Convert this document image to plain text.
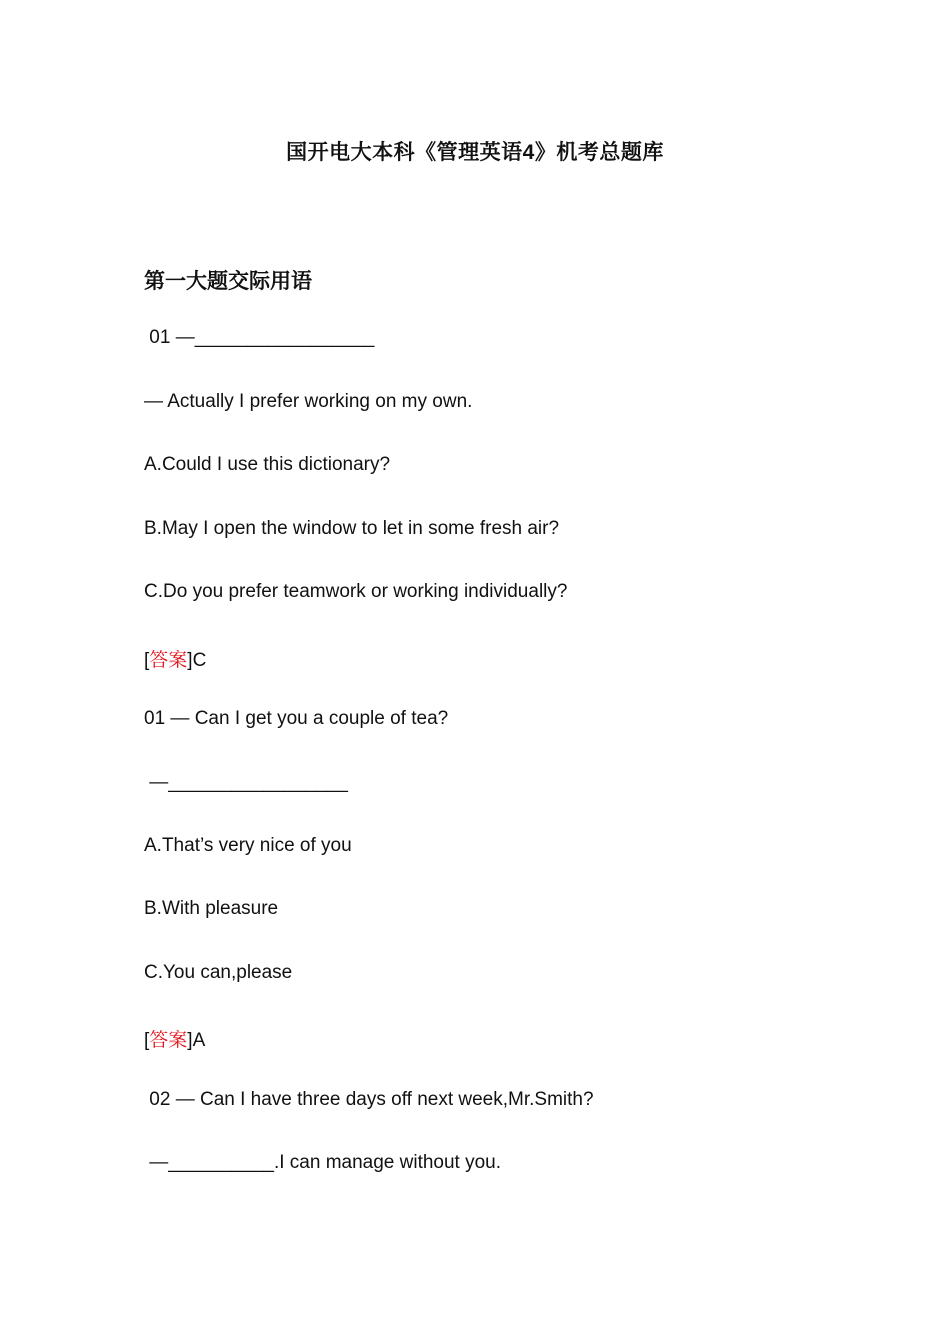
国开电大本科《管理英语4》机考总题库
第一大题交际用语
01 —_________________
— Actually I prefer working on my own.
A.Could I use this dictionary?
B.May I open the window to let in some fresh air?
C.Do you prefer teamwork or working individually?
[答案]C
01 — Can I get you a couple of tea?
—_________________
A.That’s very nice of you
B.With pleasure
C.You can,please
[答案]A
02 — Can I have three days off next week,Mr.Smith?
—__________.I can manage without you.
